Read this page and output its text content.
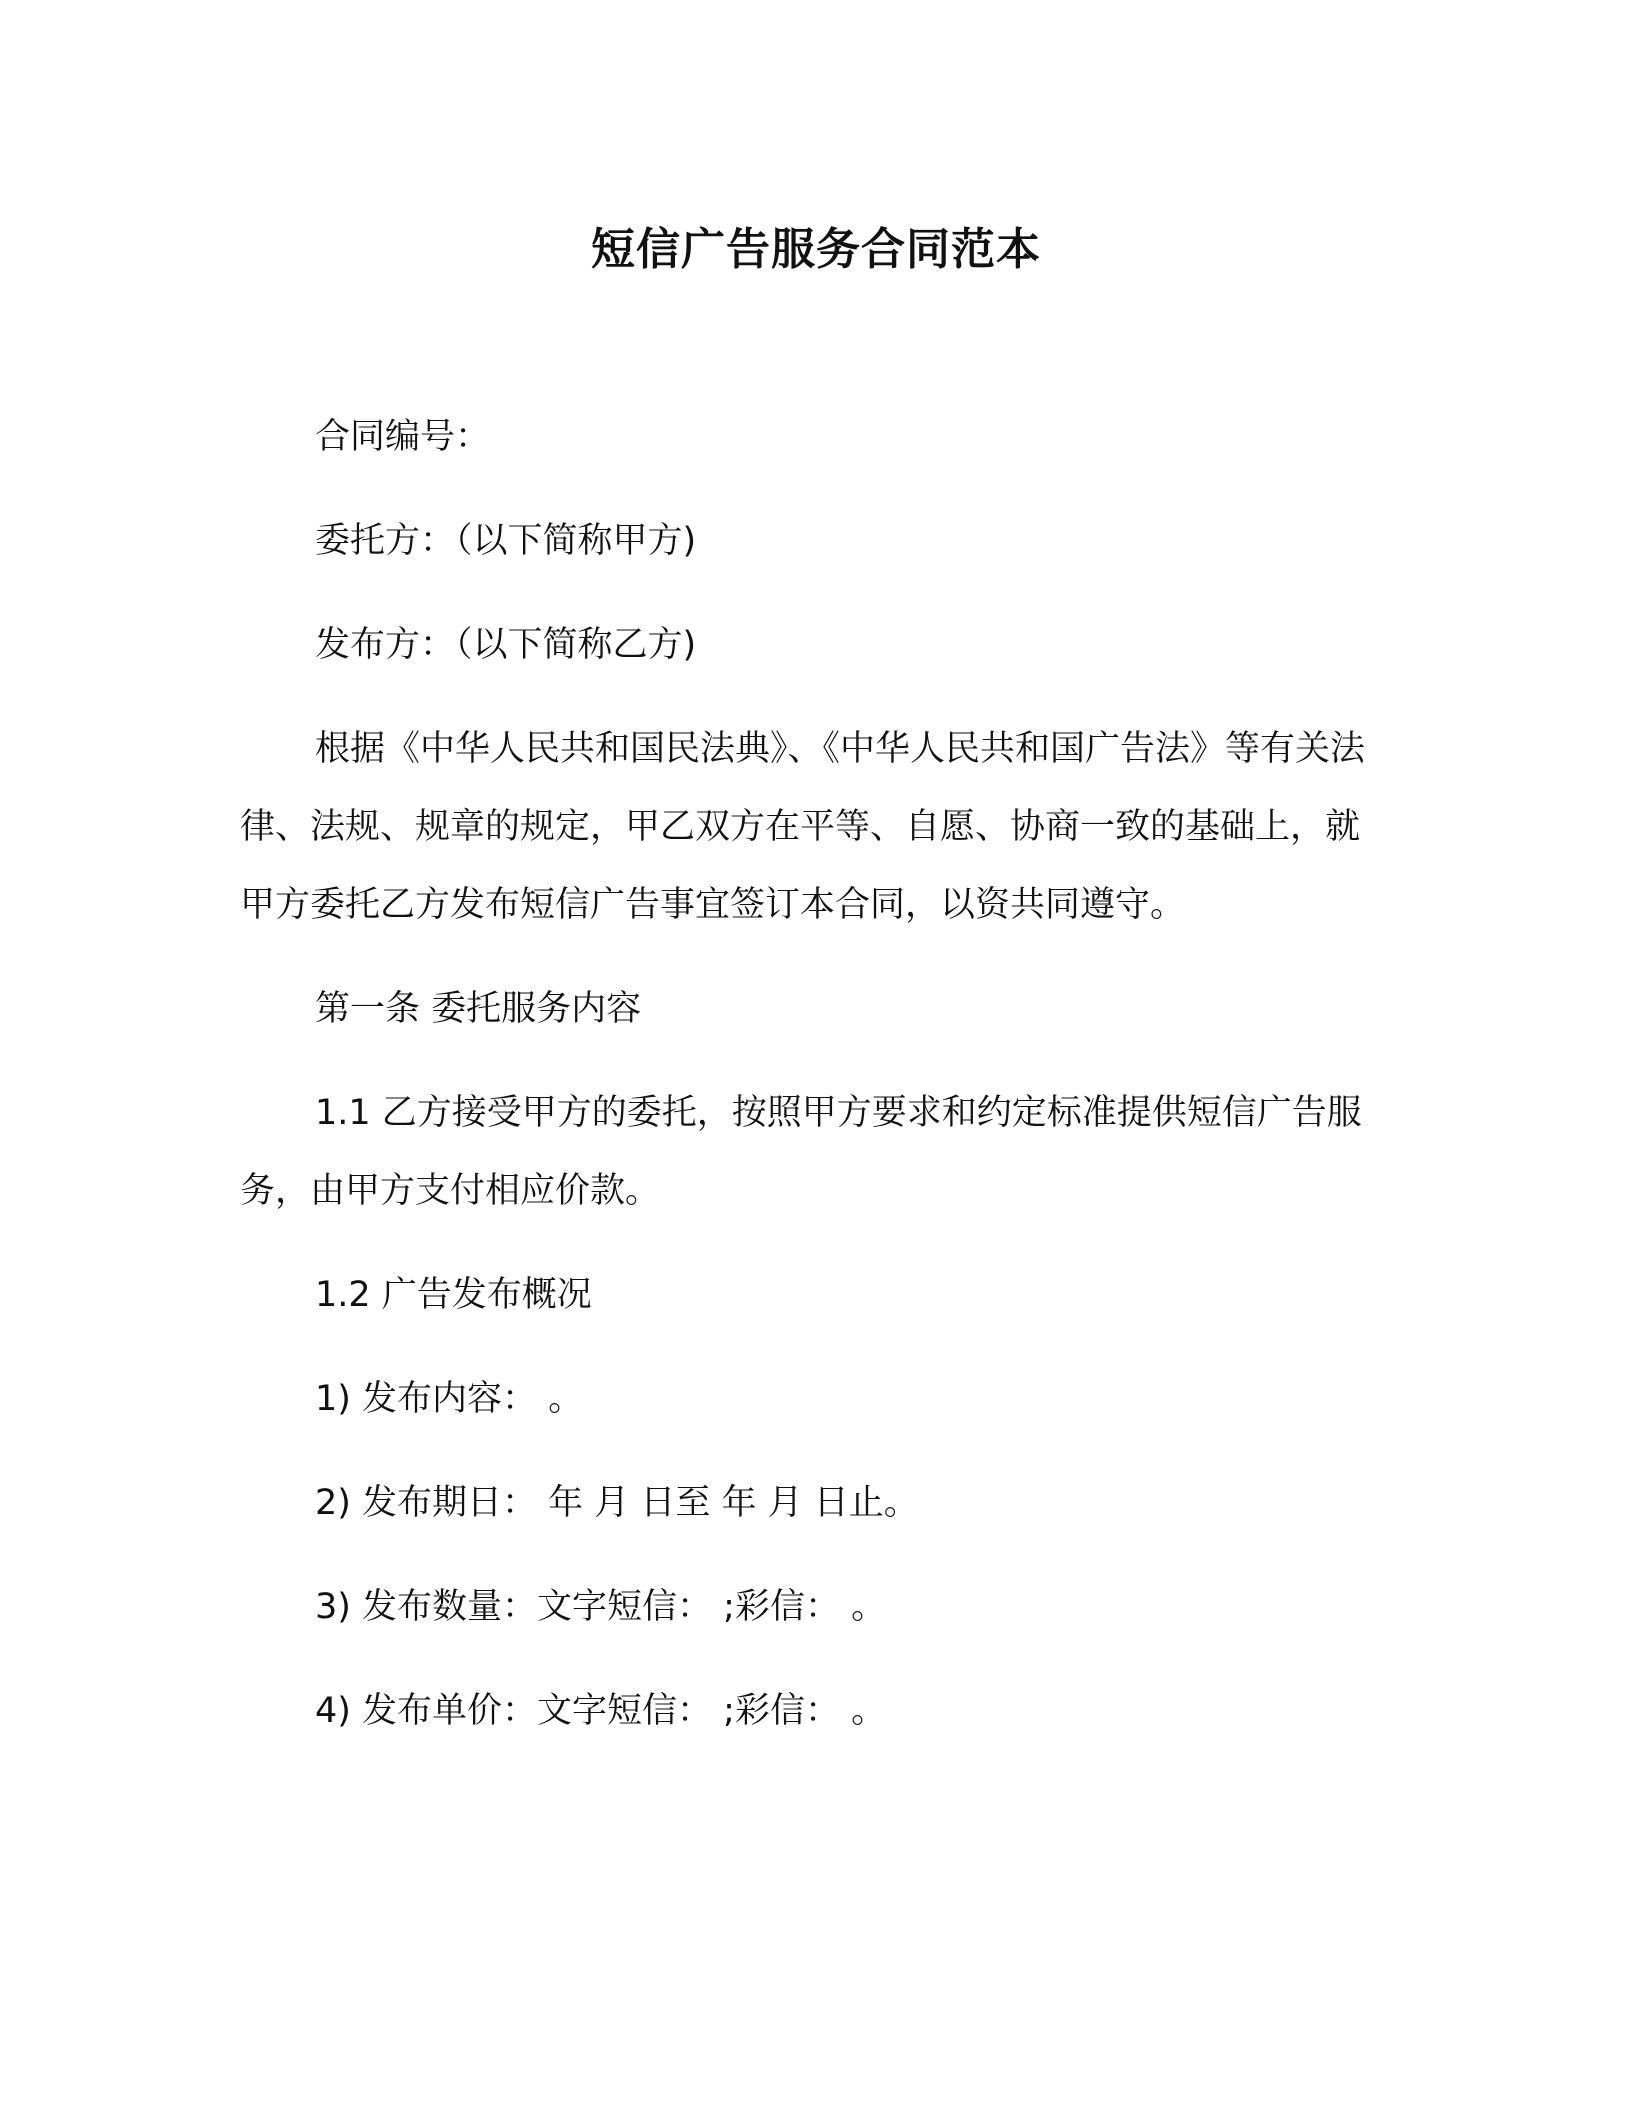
短信广告服务合同范本

合同编号：

委托方：（以下简称甲方)

发布方：（以下简称乙方)

根据《中华人民共和国民法典》、《中华人民共和国广告法》等有关法律、法规、规章的规定，甲乙双方在平等、自愿、协商一致的基础上，就甲方委托乙方发布短信广告事宜签订本合同，以资共同遵守。

第一条 委托服务内容

1.1 乙方接受甲方的委托，按照甲方要求和约定标准提供短信广告服务，由甲方支付相应价款。

1.2 广告发布概况

1) 发布内容： 。

2) 发布期日： 年 月 日至 年 月 日止。

3) 发布数量：文字短信： ;彩信： 。

4) 发布单价：文字短信： ;彩信： 。
